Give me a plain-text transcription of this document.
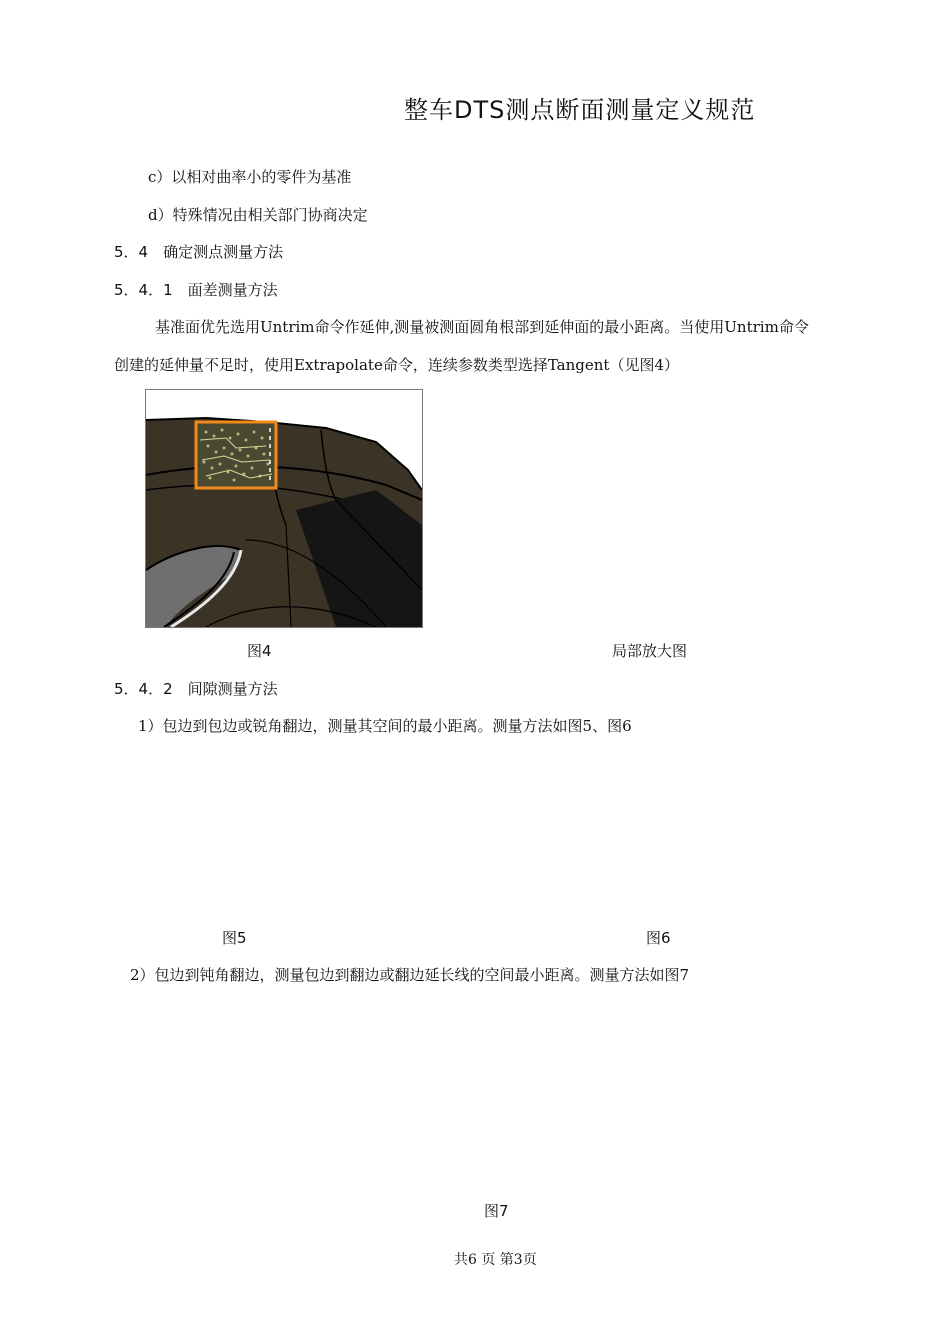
整车DTS测点断面测量定义规范
c）以相对曲率小的零件为基准
d）特殊情况由相关部门协商决定
5．4　确定测点测量方法
5．4．1　面差测量方法
基准面优先选用Untrim命令作延伸,测量被测面圆角根部到延伸面的最小距离。当使用Untrim命令
创建的延伸量不足时，使用Extrapolate命令，连续参数类型选择Tangent（见图4）
图4	局部放大图
5．4．2　间隙测量方法
1）包边到包边或锐角翻边，测量其空间的最小距离。测量方法如图5、图6
图5	图6
2）包边到钝角翻边，测量包边到翻边或翻边延长线的空间最小距离。测量方法如图7
图7
共6 页 第3页
